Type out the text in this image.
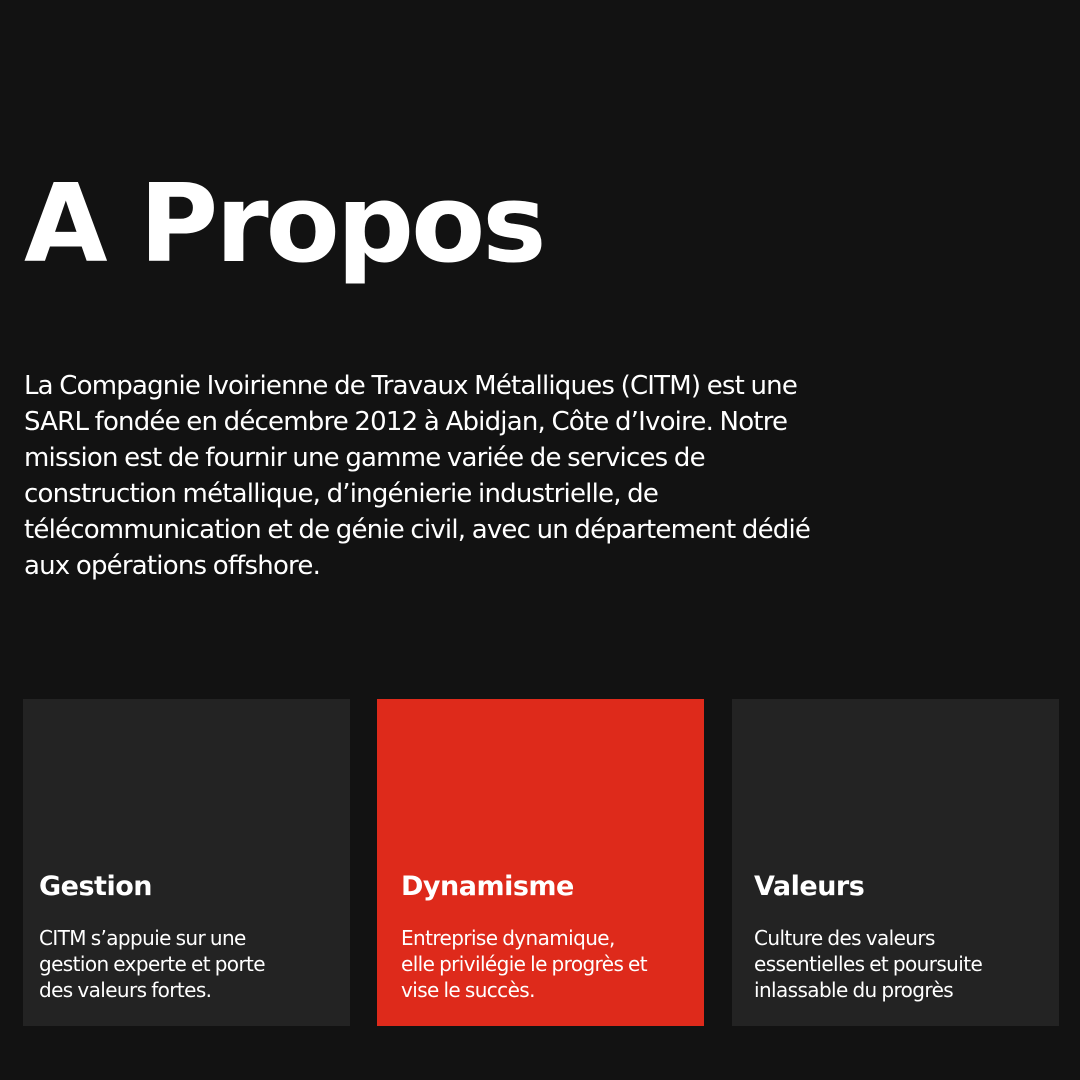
A Propos

La Compagnie Ivoirienne de Travaux Métalliques (CITM) est une
SARL fondée en décembre 2012 à Abidjan, Côte d’Ivoire. Notre
mission est de fournir une gamme variée de services de
construction métallique, d’ingénierie industrielle, de
télécommunication et de génie civil, avec un département dédié
aux opérations offshore.

Gestion

CITM s’appuie sur une
gestion experte et porte
des valeurs fortes.

Dynamisme

Entreprise dynamique,
elle privilégie le progrès et
vise le succès.

Valeurs

Culture des valeurs
essentielles et poursuite
inlassable du progrès
